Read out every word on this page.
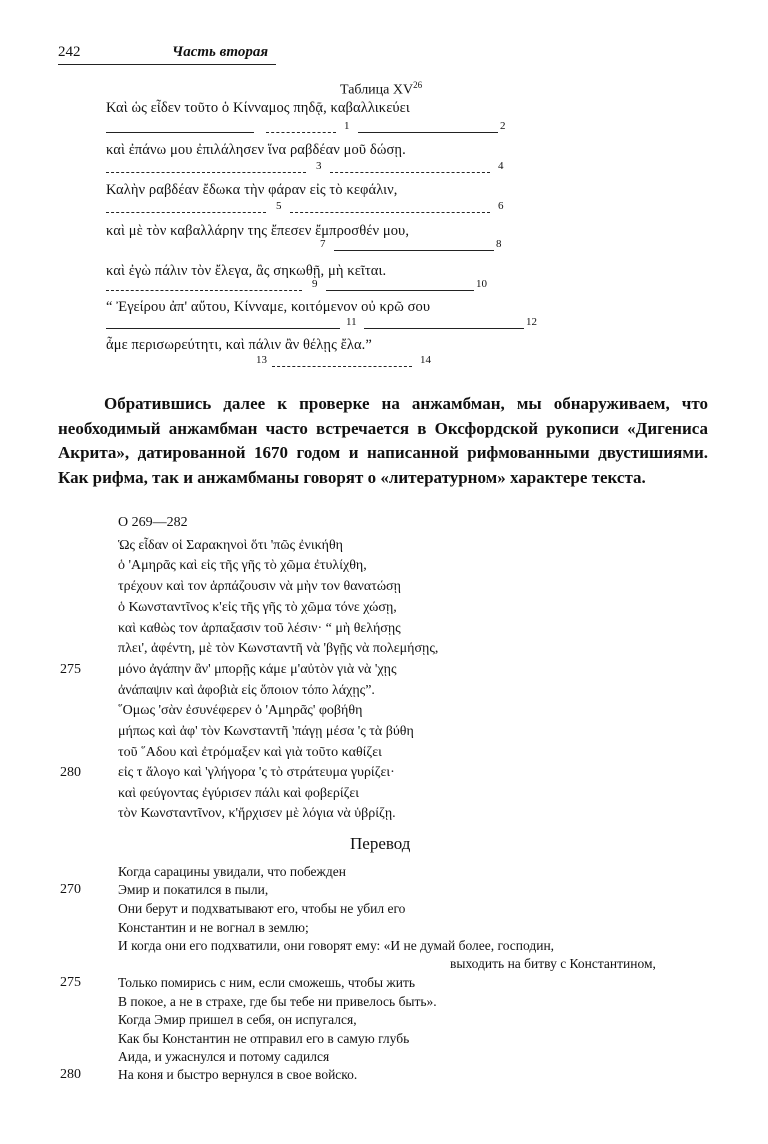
242	Часть вторая
Таблица XV$^{26}$
Καὶ ὡς εἶδεν τοῦτο ὁ Κίνναμος πηδᾷ, καβαλλικεύει
1	2
καὶ ἐπάνω μου ἐπιλάλησεν ἵνα ραβδέαν μοῦ δώσῃ.
3	4
Καλὴν ραβδέαν ἔδωκα τὴν φάραν εἰς τὸ κεφάλιν,
5	6
καὶ μὲ τὸν καβαλλάρην της ἔπεσεν ἔμπροσθέν μου,
7	8
καὶ ἐγὼ πάλιν τὸν ἔλεγα, ἂς σηκωθῇ, μὴ κεῖται.
9	10
“ Ἐγείρου ἀπ' αὔτου, Κίνναμε, κοιτόμενον οὐ κρῶ σου
11	12
ἆμε περισωρεύτητι, καὶ πάλιν ἂν θέλῃς ἔλα.”
13	14

Обратившись далее к проверке на анжамбман, мы обнаруживаем, что необходимый анжамбман часто встречается в Оксфордской рукописи «Дигениса Акрита», датированной 1670 годом и написанной рифмованными двустишиями. Как рифма, так и анжамбманы говорят о «литературном» характере текста.

O 269—282
Ὡς εἶδαν οἱ Σαρακηνοὶ ὅτι 'πῶς ἐνικήθη
ὁ 'Αμηρᾶς καὶ εἰς τῆς γῆς τὸ χῶμα ἐτυλίχθη,
τρέχουν καὶ τον ἁρπάζουσιν νὰ μὴν τον θανατώσῃ
ὁ Κωνσταντῖνος κ'εἰς τῆς γῆς τὸ χῶμα τόνε χώσῃ,
καὶ καθὼς τον ἁρπαξασιν τοῦ λέσιν· “ μὴ θελήσῃς
πλει', ἀφέντη, μὲ τὸν Κωνσταντῆ νὰ 'βγῇς νὰ πολεμήσῃς,
275	μόνο ἀγάπην ἂν' μπορῇς κάμε μ'αὐτὸν γιὰ νὰ 'χῃς
ἀνάπαψιν καὶ ἀφοβιὰ εἰς ὅποιον τόπο λάχῃς”.
῞Ομως 'σὰν ἐσυνέφερεν ὁ 'Αμηρᾶς' φοβήθη
μήπως καὶ ἀφ' τὸν Κωνσταντῆ 'πάγῃ μέσα 'ς τὰ βύθη
τοῦ ῞Αδου καὶ ἐτρόμαξεν καὶ γιὰ τοῦτο καθίζει
280	εἰς τ ἄλογο καὶ 'γλήγορα 'ς τὸ στράτευμα γυρίζει·
καὶ φεύγοντας ἐγύρισεν πάλι καὶ φοβερίζει
τὸν Κωνσταντῖνον, κ'ἤρχισεν μὲ λόγια νὰ ὑβρίζῃ.
Перевод
Когда сарацины увидали, что побежден
270	Эмир и покатился в пыли,
Они берут и подхватывают его, чтобы не убил его
Константин и не вогнал в землю;
И когда они его подхватили, они говорят ему: «И не думай более, господин,
выходить на битву с Константином,
275	Только помирись с ним, если сможешь, чтобы жить
В покое, а не в страхе, где бы тебе ни привелось быть».
Когда Эмир пришел в себя, он испугался,
Как бы Константин не отправил его в самую глубь
Аида, и ужаснулся и потому садился
280	На коня и быстро вернулся в свое войско.
